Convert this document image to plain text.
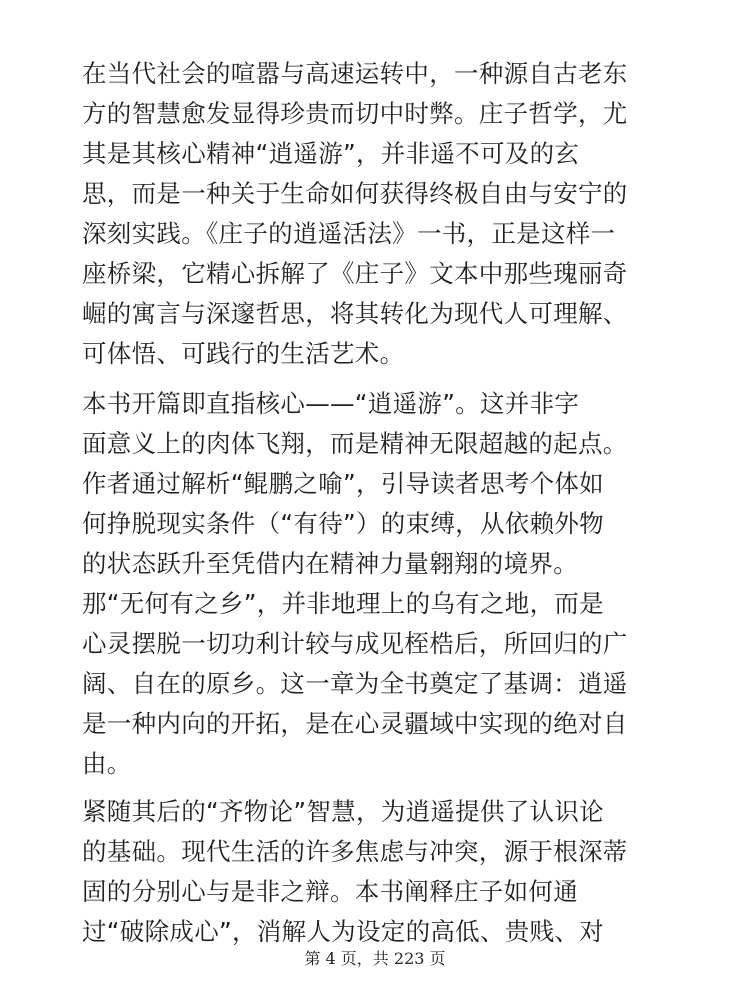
在当代社会的喧嚣与高速运转中，一种源自古老东
方的智慧愈发显得珍贵而切中时弊。庄子哲学，尤
其是其核心精神“逍遥游”，并非遥不可及的玄
思，而是一种关于生命如何获得终极自由与安宁的
深刻实践。《庄子的逍遥活法》一书，正是这样一
座桥梁，它精心拆解了《庄子》文本中那些瑰丽奇
崛的寓言与深邃哲思，将其转化为现代人可理解、
可体悟、可践行的生活艺术。
本书开篇即直指核心——“逍遥游”。这并非字
面意义上的肉体飞翔，而是精神无限超越的起点。
作者通过解析“鲲鹏之喻”，引导读者思考个体如
何挣脱现实条件（“有待”）的束缚，从依赖外物
的状态跃升至凭借内在精神力量翱翔的境界。
那“无何有之乡”，并非地理上的乌有之地，而是
心灵摆脱一切功利计较与成见桎梏后，所回归的广
阔、自在的原乡。这一章为全书奠定了基调：逍遥
是一种内向的开拓，是在心灵疆域中实现的绝对自
由。
紧随其后的“齐物论”智慧，为逍遥提供了认识论
的基础。现代生活的许多焦虑与冲突，源于根深蒂
固的分别心与是非之辩。本书阐释庄子如何通
过“破除成心”，消解人为设定的高低、贵贱、对
第 4 页，共 223 页
